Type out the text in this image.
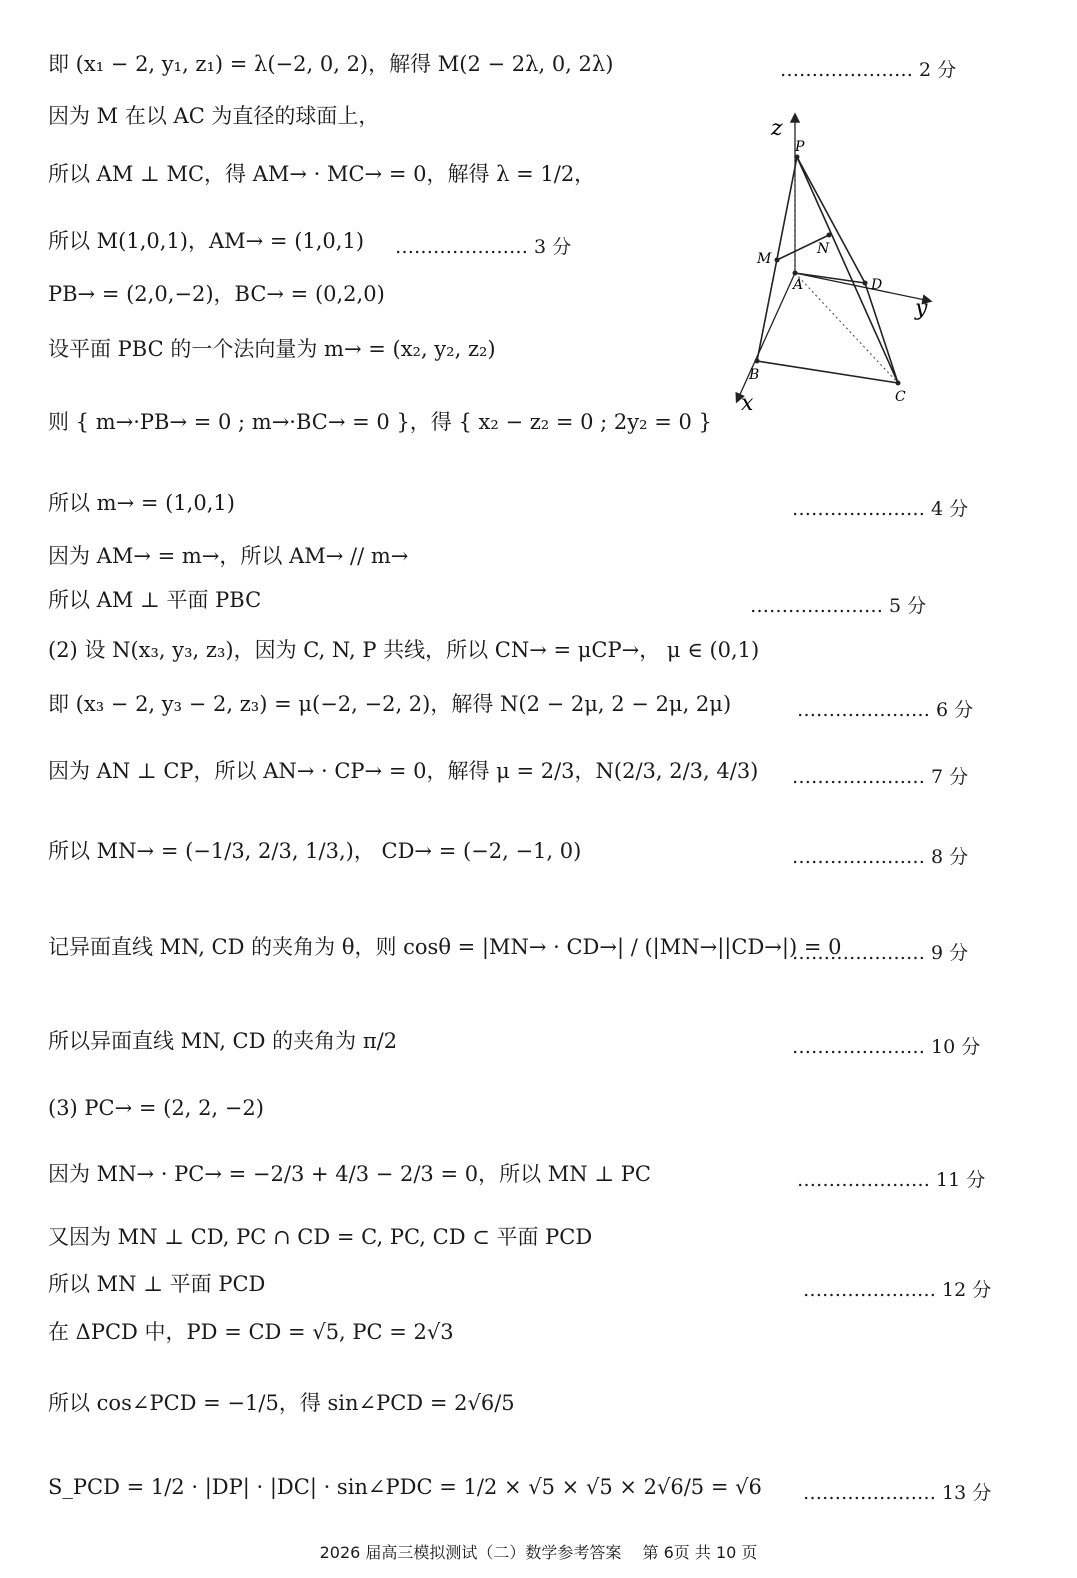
即 (x₁ − 2, y₁, z₁) = λ(−2, 0, 2)，解得 M(2 − 2λ, 0, 2λ)	………………… 2 分
因为 M 在以 AC 为直径的球面上，
所以 AM ⊥ MC，得 AM→ · MC→ = 0，解得 λ = 1/2，
所以 M(1,0,1)，AM→ = (1,0,1) ………………… 3 分
PB→ = (2,0,−2)，BC→ = (0,2,0)
设平面 PBC 的一个法向量为 m→ = (x₂, y₂, z₂)
则 { m→·PB→ = 0 ; m→·BC→ = 0 }，得 { x₂ − z₂ = 0 ; 2y₂ = 0 }
所以 m→ = (1,0,1)	………………… 4 分
因为 AM→ = m→，所以 AM→ // m→
所以 AM ⊥ 平面 PBC	………………… 5 分
(2) 设 N(x₃, y₃, z₃)，因为 C, N, P 共线，所以 CN→ = μCP→， μ ∈ (0,1)
即 (x₃ − 2, y₃ − 2, z₃) = μ(−2, −2, 2)，解得 N(2 − 2μ, 2 − 2μ, 2μ)	………………… 6 分
因为 AN ⊥ CP，所以 AN→ · CP→ = 0，解得 μ = 2/3，N(2/3, 2/3, 4/3) ………………… 7 分
所以 MN→ = (−1/3, 2/3, 1/3,)， CD→ = (−2, −1, 0)	………………… 8 分
记异面直线 MN, CD 的夹角为 θ，则 cosθ = |MN→ · CD→| / (|MN→||CD→|) = 0
………………… 9 分
所以异面直线 MN, CD 的夹角为 π/2	………………… 10 分
(3) PC→ = (2, 2, −2)
因为 MN→ · PC→ = −2/3 + 4/3 − 2/3 = 0，所以 MN ⊥ PC	………………… 11 分
又因为 MN ⊥ CD, PC ∩ CD = C, PC, CD ⊂ 平面 PCD
所以 MN ⊥ 平面 PCD	………………… 12 分
在 ΔPCD 中，PD = CD = √5, PC = 2√3
所以 cos∠PCD = −1/5，得 sin∠PCD = 2√6/5
S_PCD = 1/2 · |DP| · |DC| · sin∠PDC = 1/2 × √5 × √5 × 2√6/5 = √6 ………………… 13 分
z
y
x
P
A
B
C
D
M
N
2026 届高三模拟测试（二）数学参考答案 第 6页 共 10 页
